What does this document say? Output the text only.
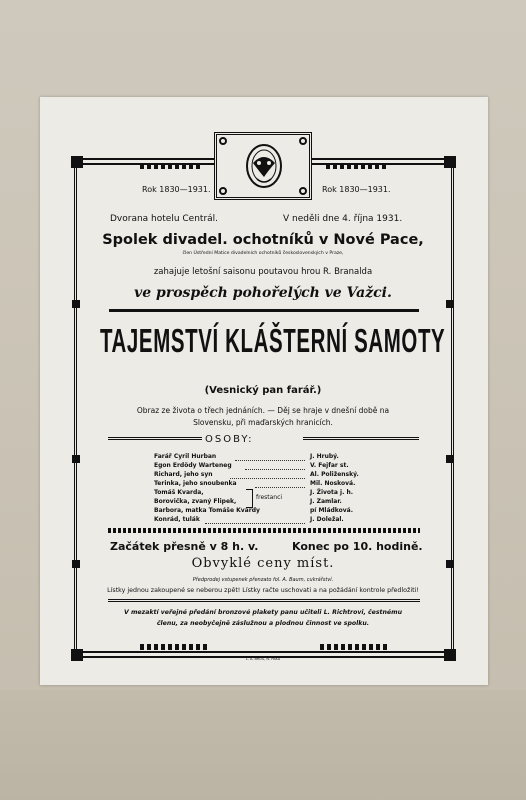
Rok 1830—1931.	Rok 1830—1931.
Dvorana hotelu Centrál.	V neděli dne 4. října 1931.
Spolek divadel. ochotníků v Nové Pace,
člen Ústřední Matice divadelních ochotníků československých v Praze,
zahajuje letošní saisonu poutavou hrou R. Branalda
ve prospěch pohořelých ve Važci.
TAJEMSTVÍ KLÁŠTERNÍ SAMOTY
(Vesnický pan farář.)
Obraz ze života o třech jednáních. — Děj se hraje v dnešní době na
Slovensku, při maďarských hranicích.
OSOBY:
Farář Cyril Hurban	J. Hrubý.
Egon Erdödy Warteneg	V. Fejfar st.
Richard, jeho syn	Al. Poliženský.
Terinka, jeho snoubenka	Mil. Nosková.
Tomáš Kvarda,	J. Života j. h.
Borovička, zvaný Flipek,	J. Zamlar.
frestanci
Barbora, matka Tomáše Kvardy	pí Mládková.
Konrád, tulák	J. Doležal.
Začátek přesně v 8 h. v.	Konec po 10. hodině.
Obvyklé ceny míst.
Předprodej vstupenek přenzato fol. A. Baum, cukrářství.
Lístky jednou zakoupené se neberou zpět! Lístky račte uschovati a na požádání kontrole předložiti!
V mezaktí veřejné předání bronzové plakety panu učiteli L. Richtrovi, čestnému
členu, za neobyčejně záslužnou a plodnou činnost ve spolku.
L. A. BRÜS, N. PAKA
